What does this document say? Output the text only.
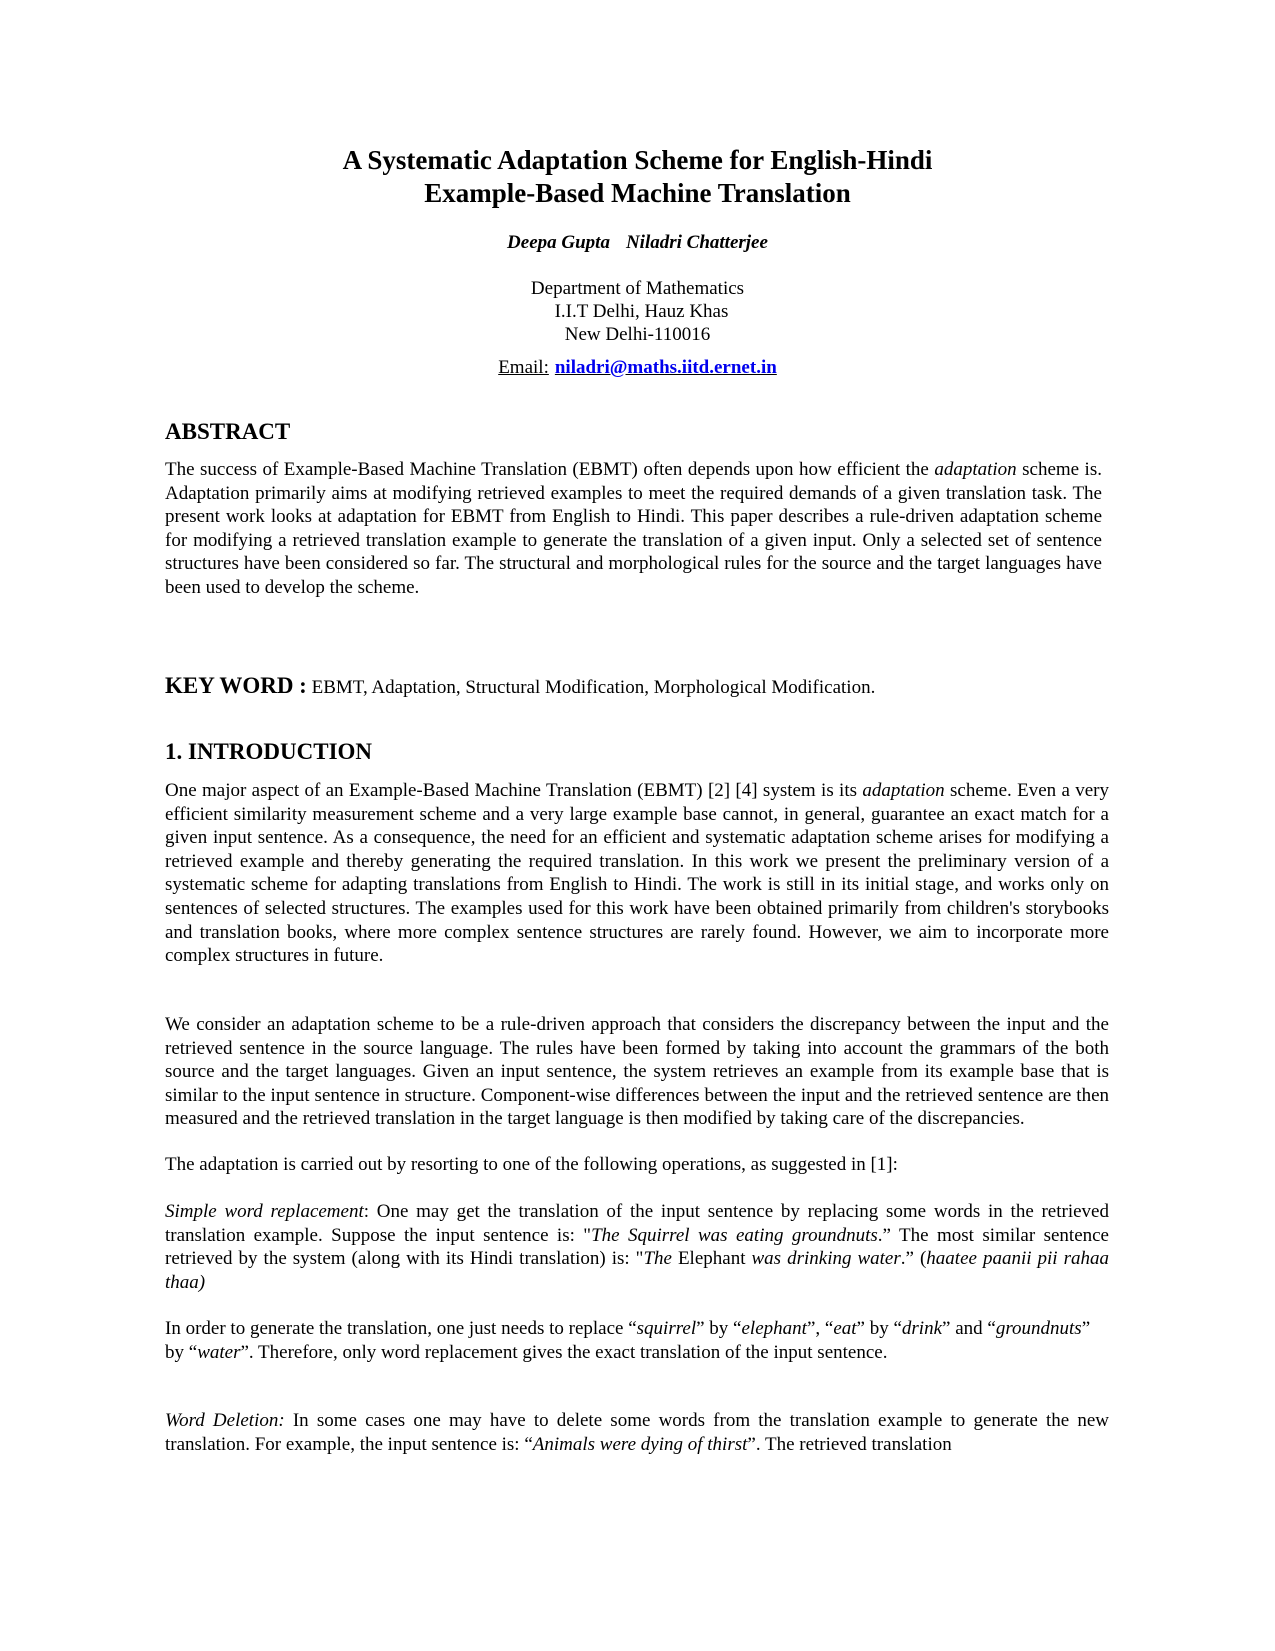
A Systematic Adaptation Scheme for English-Hindi
Example-Based Machine Translation
Deepa Gupta Niladri Chatterjee
Department of Mathematics
I.I.T Delhi, Hauz Khas
New Delhi-110016
Email: niladri@maths.iitd.ernet.in
ABSTRACT

The success of Example-Based Machine Translation (EBMT) often depends upon how efficient the adaptation scheme is. Adaptation primarily aims at modifying retrieved examples to meet the required demands of a given translation task. The present work looks at adaptation for EBMT from English to Hindi. This paper describes a rule-driven adaptation scheme for modifying a retrieved translation example to generate the translation of a given input. Only a selected set of sentence structures have been considered so far. The structural and morphological rules for the source and the target languages have been used to develop the scheme.

KEY WORD : EBMT, Adaptation, Structural Modification, Morphological Modification.
1. INTRODUCTION

One major aspect of an Example-Based Machine Translation (EBMT) [2] [4] system is its adaptation scheme. Even a very efficient similarity measurement scheme and a very large example base cannot, in general, guarantee an exact match for a given input sentence. As a consequence, the need for an efficient and systematic adaptation scheme arises for modifying a retrieved example and thereby generating the required translation. In this work we present the preliminary version of a systematic scheme for adapting translations from English to Hindi. The work is still in its initial stage, and works only on sentences of selected structures. The examples used for this work have been obtained primarily from children's storybooks and translation books, where more complex sentence structures are rarely found. However, we aim to incorporate more complex structures in future.

We consider an adaptation scheme to be a rule-driven approach that considers the discrepancy between the input and the retrieved sentence in the source language. The rules have been formed by taking into account the grammars of the both source and the target languages. Given an input sentence, the system retrieves an example from its example base that is similar to the input sentence in structure. Component-wise differences between the input and the retrieved sentence are then measured and the retrieved translation in the target language is then modified by taking care of the discrepancies.

The adaptation is carried out by resorting to one of the following operations, as suggested in [1]:

Simple word replacement: One may get the translation of the input sentence by replacing some words in the retrieved translation example. Suppose the input sentence is: "The Squirrel was eating groundnuts.” The most similar sentence retrieved by the system (along with its Hindi translation) is: "The Elephant was drinking water.” (haatee paanii pii rahaa thaa)

In order to generate the translation, one just needs to replace “squirrel” by “elephant”, “eat” by “drink” and “groundnuts” by “water”. Therefore, only word replacement gives the exact translation of the input sentence.

Word Deletion: In some cases one may have to delete some words from the translation example to generate the new translation. For example, the input sentence is: “Animals were dying of thirst”. The retrieved translation
